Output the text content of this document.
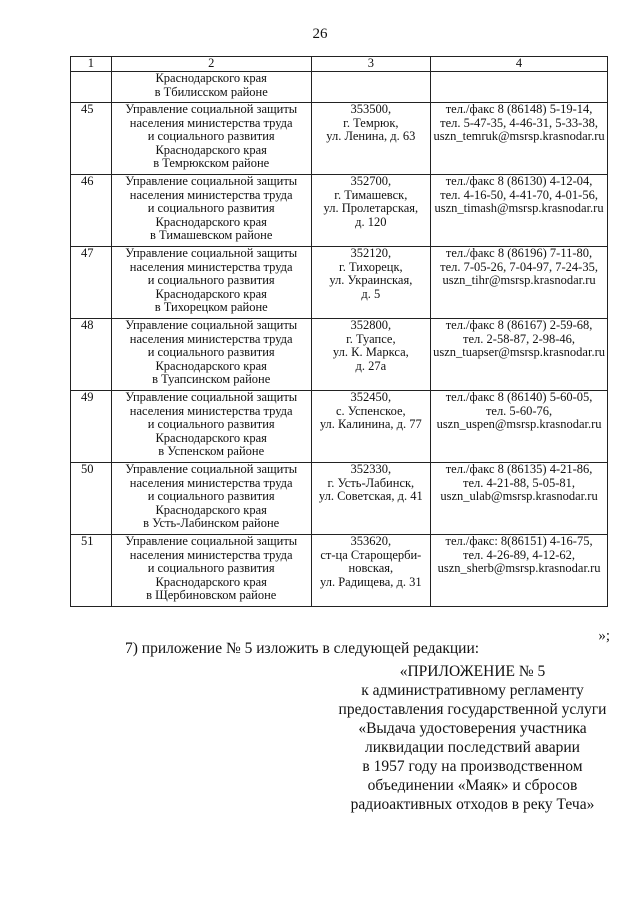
26
1	2	3	4

	Краснодарского края
в Тбилисском районе		

45	Управление социальной защиты
населения министерства труда
и социального развития
Краснодарского края
в Темрюкском районе	353500,
г. Темрюк,
ул. Ленина, д. 63	тел./факс 8 (86148) 5-19-14,
тел. 5-47-35, 4-46-31, 5-33-38,
uszn_temruk@msrsp.krasnodar.ru

46	Управление социальной защиты
населения министерства труда
и социального развития
Краснодарского края
в Тимашевском районе	352700,
г. Тимашевск,
ул. Пролетарская,
д. 120	тел./факс 8 (86130) 4-12-04,
тел. 4-16-50, 4-41-70, 4-01-56,
uszn_timash@msrsp.krasnodar.ru

47	Управление социальной защиты
населения министерства труда
и социального развития
Краснодарского края
в Тихорецком районе	352120,
г. Тихорецк,
ул. Украинская,
д. 5	тел./факс 8 (86196) 7-11-80,
тел. 7-05-26, 7-04-97, 7-24-35,
uszn_tihr@msrsp.krasnodar.ru

48	Управление социальной защиты
населения министерства труда
и социального развития
Краснодарского края
в Туапсинском районе	352800,
г. Туапсе,
ул. К. Маркса,
д. 27а	тел./факс 8 (86167) 2-59-68,
тел. 2-58-87, 2-98-46,
uszn_tuapser@msrsp.krasnodar.ru

49	Управление социальной защиты
населения министерства труда
и социального развития
Краснодарского края
в Успенском районе	352450,
с. Успенское,
ул. Калинина, д. 77	тел./факс 8 (86140) 5-60-05,
тел. 5-60-76,
uszn_uspen@msrsp.krasnodar.ru

50	Управление социальной защиты
населения министерства труда
и социального развития
Краснодарского края
в Усть-Лабинском районе	352330,
г. Усть-Лабинск,
ул. Советская, д. 41	тел./факс 8 (86135) 4-21-86,
тел. 4-21-88, 5-05-81,
uszn_ulab@msrsp.krasnodar.ru

51	Управление социальной защиты
населения министерства труда
и социального развития
Краснодарского края
в Щербиновском районе	353620,
ст-ца Старощерби-
новская,
ул. Радищева, д. 31	тел./факс: 8(86151) 4-16-75,
тел. 4-26-89, 4-12-62,
uszn_sherb@msrsp.krasnodar.ru
»;
7) приложение № 5 изложить в следующей редакции:
«ПРИЛОЖЕНИЕ № 5
к административному регламенту
предоставления государственной услуги
«Выдача удостоверения участника
ликвидации последствий аварии
в 1957 году на производственном
объединении «Маяк» и сбросов
радиоактивных отходов в реку Теча»
